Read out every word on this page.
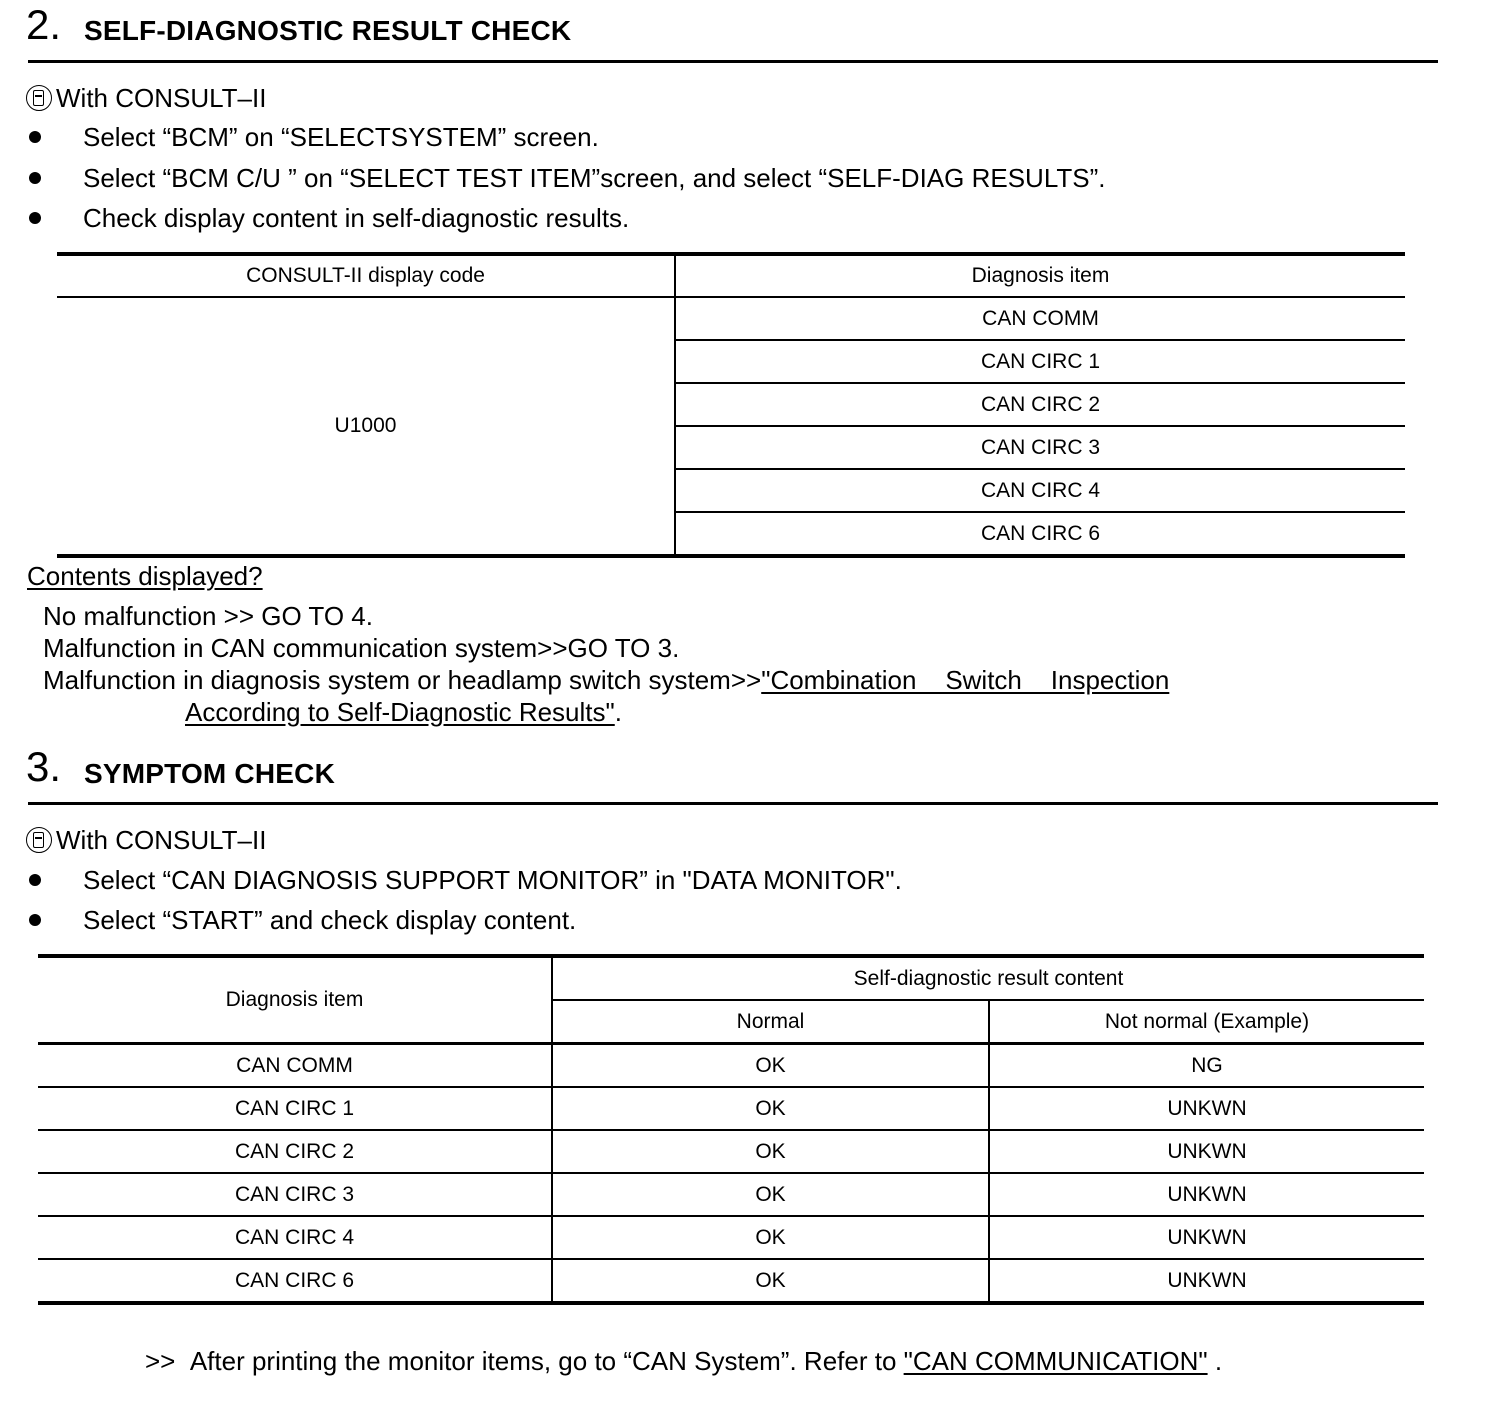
2. SELF-DIAGNOSTIC RESULT CHECK
With CONSULT–II
Select “BCM” on “SELECTSYSTEM” screen.
Select “BCM C/U ” on “SELECT TEST ITEM”screen, and select “SELF-DIAG RESULTS”.
Check display content in self-diagnostic results.
CONSULT-II display code	Diagnosis item
U1000	CAN COMM
	CAN CIRC 1
	CAN CIRC 2
	CAN CIRC 3
	CAN CIRC 4
	CAN CIRC 6
Contents displayed?
No malfunction >> GO TO 4.
Malfunction in CAN communication system>>GO TO 3.
Malfunction in diagnosis system or headlamp switch system>>"Combination    Switch    Inspection
According to Self-Diagnostic Results".
3. SYMPTOM CHECK
With CONSULT–II
Select “CAN DIAGNOSIS SUPPORT MONITOR” in "DATA MONITOR".
Select “START” and check display content.
Diagnosis item	Self-diagnostic result content	
	Normal	Not normal (Example)
CAN COMM	OK	NG
CAN CIRC 1	OK	UNKWN
CAN CIRC 2	OK	UNKWN
CAN CIRC 3	OK	UNKWN
CAN CIRC 4	OK	UNKWN
CAN CIRC 6	OK	UNKWN
>>  After printing the monitor items, go to “CAN System”. Refer to "CAN COMMUNICATION" .
